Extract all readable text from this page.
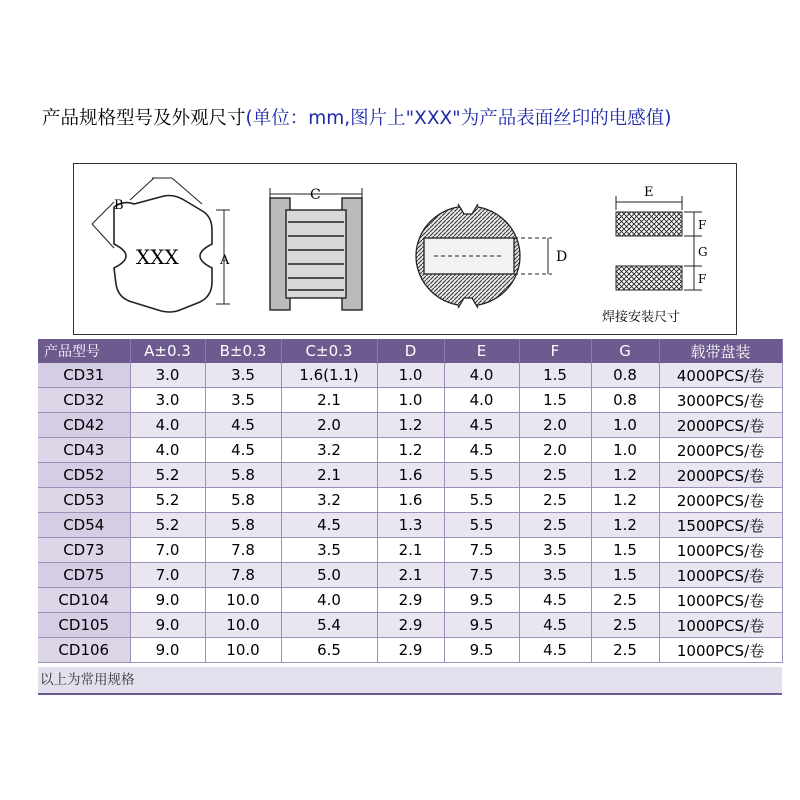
产品规格型号及外观尺寸(单位：mm,图片上"XXX"为产品表面丝印的电感值)
XXX	A
B
C
D
E
F
G
F
焊接安装尺寸
产品型号	A±0.3	B±0.3	C±0.3	D	E	F	G	载带盘装
CD31	3.0	3.5	1.6(1.1)	1.0	4.0	1.5	0.8	4000PCS/卷
CD32	3.0	3.5	2.1	1.0	4.0	1.5	0.8	3000PCS/卷
CD42	4.0	4.5	2.0	1.2	4.5	2.0	1.0	2000PCS/卷
CD43	4.0	4.5	3.2	1.2	4.5	2.0	1.0	2000PCS/卷
CD52	5.2	5.8	2.1	1.6	5.5	2.5	1.2	2000PCS/卷
CD53	5.2	5.8	3.2	1.6	5.5	2.5	1.2	2000PCS/卷
CD54	5.2	5.8	4.5	1.3	5.5	2.5	1.2	1500PCS/卷
CD73	7.0	7.8	3.5	2.1	7.5	3.5	1.5	1000PCS/卷
CD75	7.0	7.8	5.0	2.1	7.5	3.5	1.5	1000PCS/卷
CD104	9.0	10.0	4.0	2.9	9.5	4.5	2.5	1000PCS/卷
CD105	9.0	10.0	5.4	2.9	9.5	4.5	2.5	1000PCS/卷
CD106	9.0	10.0	6.5	2.9	9.5	4.5	2.5	1000PCS/卷
以上为常用规格
